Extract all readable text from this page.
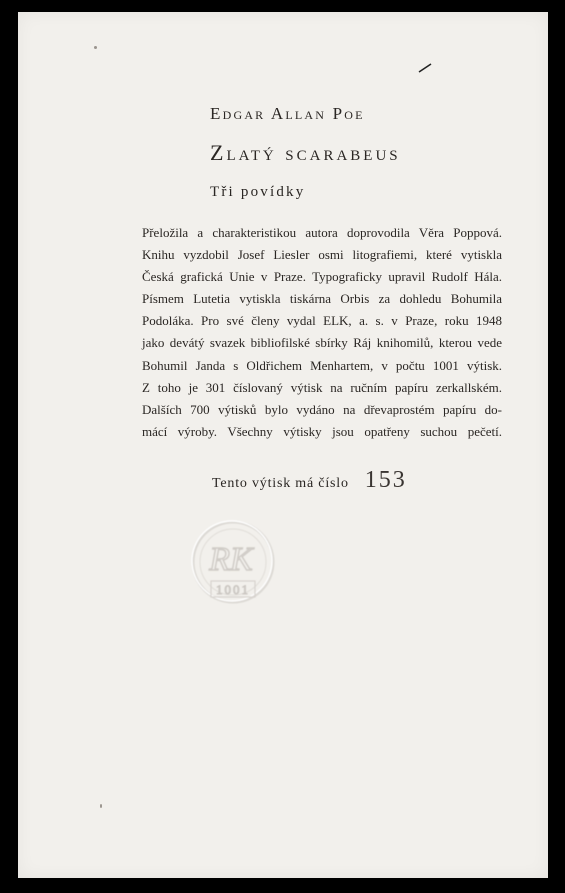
Edgar Allan Poe
Zlatý scarabeus

Tři povídky

Přeložila a charakteristikou autora doprovodila Věra Poppová.
Knihu vyzdobil Josef Liesler osmi litografiemi, které vytiskla
Česká grafická Unie v Praze. Typograficky upravil Rudolf Hála.
Písmem Lutetia vytiskla tiskárna Orbis za dohledu Bohumila
Podoláka. Pro své členy vydal ELK, a. s. v Praze, roku 1948
jako devátý svazek bibliofilské sbírky Ráj knihomilů, kterou vede
Bohumil Janda s Oldřichem Menhartem, v počtu 1001 výtisk.
Z toho je 301 číslovaný výtisk na ručním papíru zerkallském.
Dalších 700 výtisků bylo vydáno na dřevaprostém papíru do-
mácí výroby. Všechny výtisky jsou opatřeny suchou pečetí.
Tento výtisk má číslo 153
RK
1001
